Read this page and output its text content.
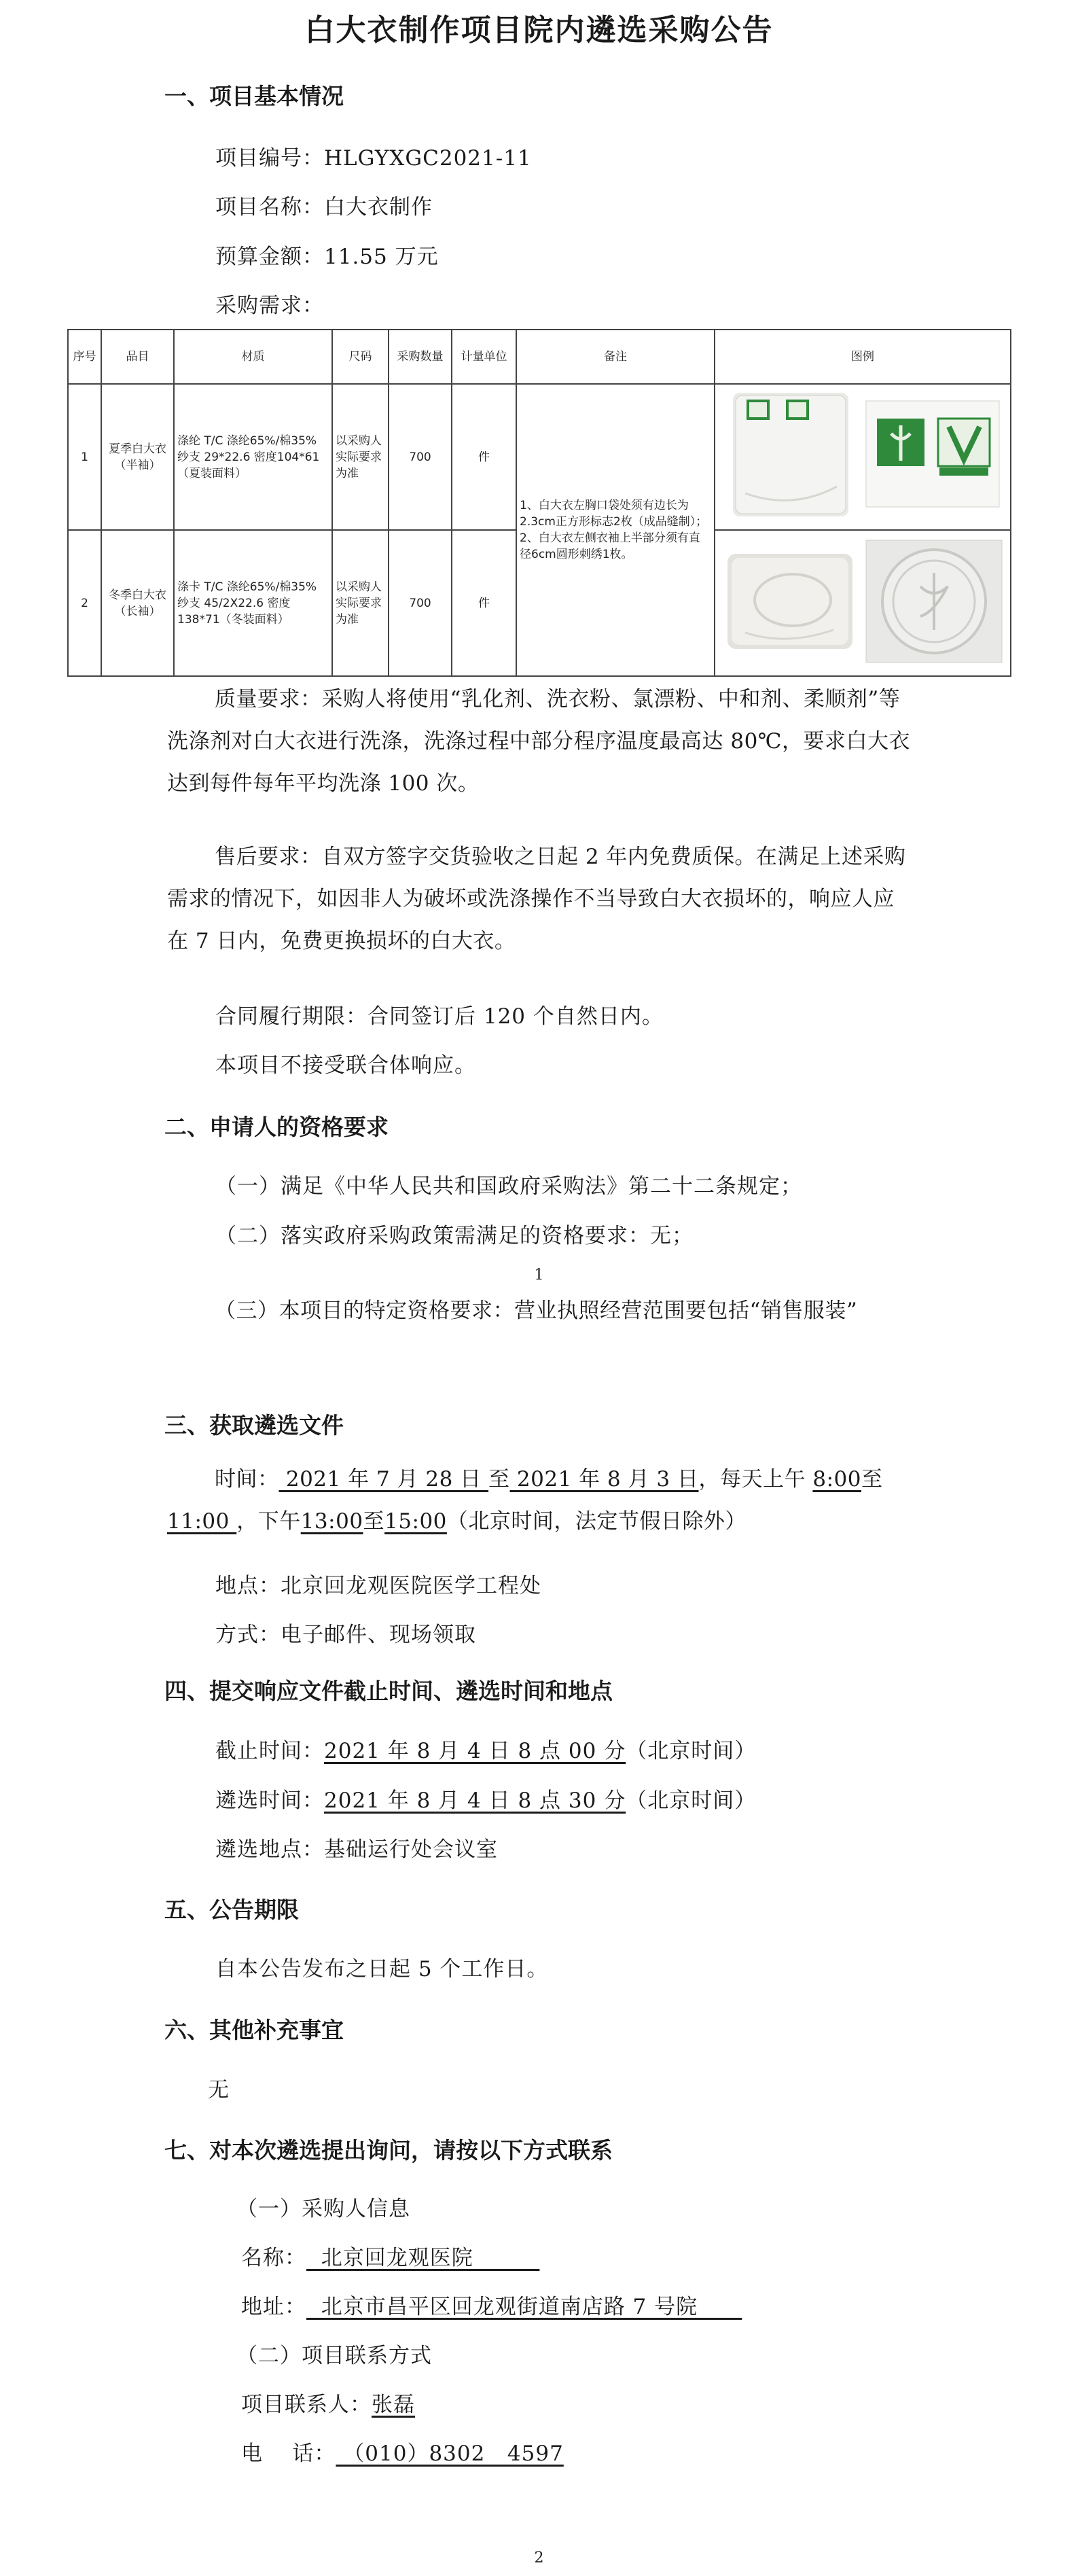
白大衣制作项目院内遴选采购公告
一、项目基本情况
项目编号：HLGYXGC2021-11
项目名称：白大衣制作
预算金额：11.55 万元
采购需求：
序号	品目	材质	尺码	采购数量	计量单位	备注	图例
1	夏季白大衣（半袖）	涤纶 T/C 涤纶65%/棉35% 纱支 29*22.6 密度104*61（夏装面料）	以采购人实际要求为准	700	件	1、白大衣左胸口袋处须有边长为2.3cm正方形标志2枚（成品缝制）；2、白大衣左侧衣袖上半部分须有直径6cm圆形刺绣1枚。	
2	冬季白大衣（长袖）	涤卡 T/C 涤纶65%/棉35% 纱支 45/2X22.6 密度138*71（冬装面料）	以采购人实际要求为准	700	件	
质量要求：采购人将使用“乳化剂、洗衣粉、氯漂粉、中和剂、柔顺剂”等洗涤剂对白大衣进行洗涤，洗涤过程中部分程序温度最高达 80℃，要求白大衣达到每件每年平均洗涤 100 次。
售后要求：自双方签字交货验收之日起 2 年内免费质保。在满足上述采购需求的情况下，如因非人为破坏或洗涤操作不当导致白大衣损坏的，响应人应在 7 日内，免费更换损坏的白大衣。
合同履行期限：合同签订后 120 个自然日内。
本项目不接受联合体响应。
二、申请人的资格要求
（一）满足《中华人民共和国政府采购法》第二十二条规定；
（二）落实政府采购政策需满足的资格要求：无；
1
（三）本项目的特定资格要求：营业执照经营范围要包括“销售服装”
三、获取遴选文件
时间： 2021 年 7 月 28 日 至 2021 年 8 月 3 日，每天上午 8:00至11:00 ，下午13:00至15:00（北京时间，法定节假日除外）
地点：北京回龙观医院医学工程处
方式：电子邮件、现场领取
四、提交响应文件截止时间、遴选时间和地点
截止时间：2021 年 8 月 4 日 8 点 00 分（北京时间）
遴选时间：2021 年 8 月 4 日 8 点 30 分（北京时间）
遴选地点：基础运行处会议室
五、公告期限
自本公告发布之日起 5 个工作日。
六、其他补充事宜
无
七、对本次遴选提出询问，请按以下方式联系
（一）采购人信息
名称：  北京回龙观医院
地址：  北京市昌平区回龙观街道南店路 7 号院
（二）项目联系方式
项目联系人：张磊
电    话： （010）8302   4597
2
